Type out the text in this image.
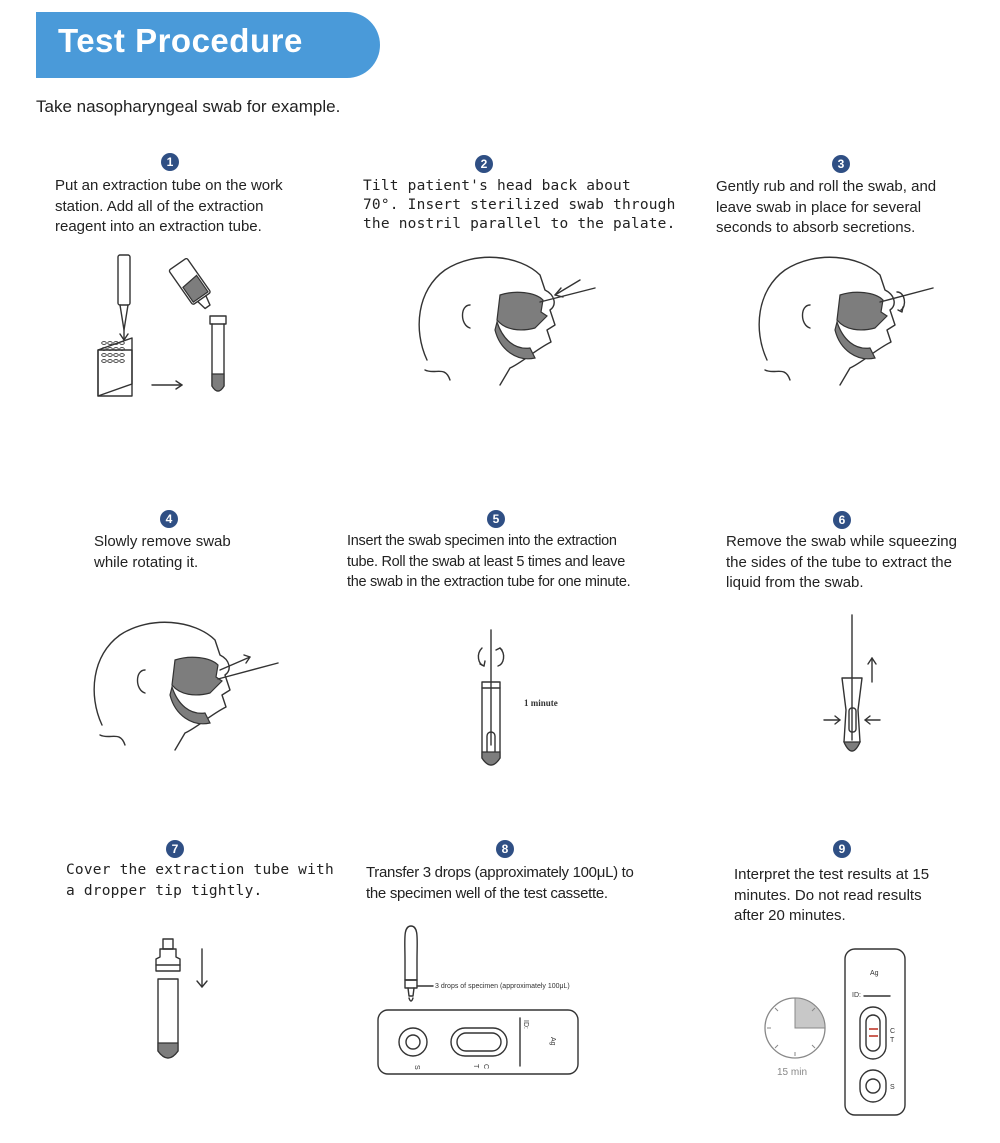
Test Procedure
Take nasopharyngeal swab for example.
1
Put an extraction tube on the work
station. Add all of the extraction
reagent into an extraction tube.
2
Tilt patient's head back about
70°. Insert sterilized swab through
the nostril parallel to the palate.
3
Gently rub and roll the swab, and
leave swab in place for several
seconds to absorb secretions.
4
Slowly remove swab
while rotating it.
5
Insert the swab specimen into the extraction
tube. Roll the swab at least 5 times and leave
the swab in the extraction tube for one minute.
1 minute
6
Remove the swab while squeezing
the sides of the tube to extract the
liquid from the swab.
7
Cover the extraction tube with
a dropper tip tightly.
8
Transfer 3 drops (approximately 100μL) to
the specimen well of the test cassette.
3 drops of specimen (approximately 100μL)
ID:
Ag
S	T C
9
Interpret the test results at 15
minutes. Do not read results
after 20 minutes.
15 min
Ag
ID:
C
T
S
